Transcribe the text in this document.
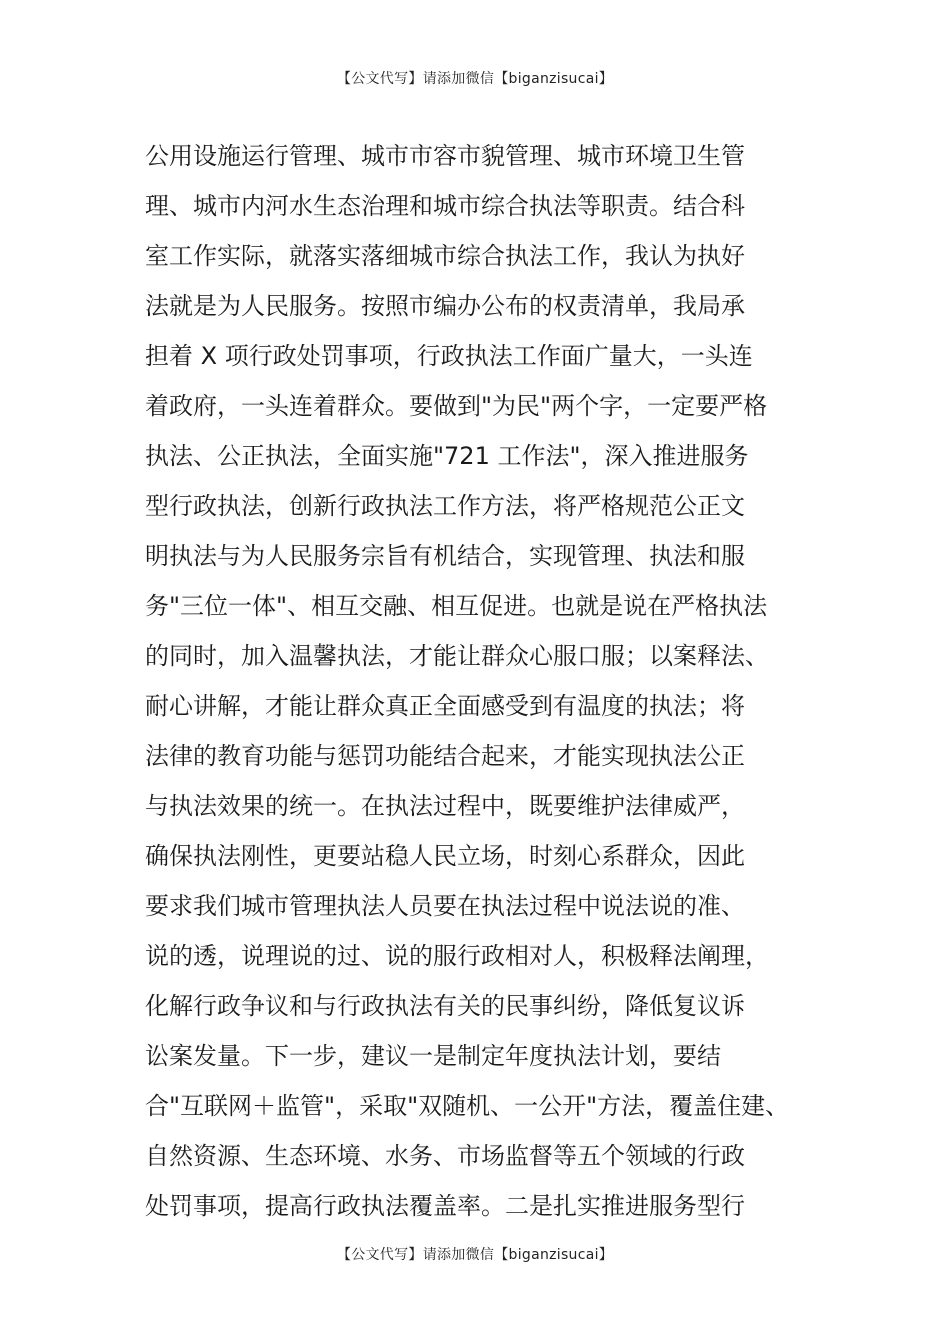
【公文代写】请添加微信【biganzisucai】
公用设施运行管理、城市市容市貌管理、城市环境卫生管
理、城市内河水生态治理和城市综合执法等职责。结合科
室工作实际，就落实落细城市综合执法工作，我认为执好
法就是为人民服务。按照市编办公布的权责清单，我局承
担着 X 项行政处罚事项，行政执法工作面广量大，一头连
着政府，一头连着群众。要做到"为民"两个字，一定要严格
执法、公正执法，全面实施"721 工作法"，深入推进服务
型行政执法，创新行政执法工作方法，将严格规范公正文
明执法与为人民服务宗旨有机结合，实现管理、执法和服
务"三位一体"、相互交融、相互促进。也就是说在严格执法
的同时，加入温馨执法，才能让群众心服口服；以案释法、
耐心讲解，才能让群众真正全面感受到有温度的执法；将
法律的教育功能与惩罚功能结合起来，才能实现执法公正
与执法效果的统一。在执法过程中，既要维护法律威严，
确保执法刚性，更要站稳人民立场，时刻心系群众，因此
要求我们城市管理执法人员要在执法过程中说法说的准、
说的透，说理说的过、说的服行政相对人，积极释法阐理，
化解行政争议和与行政执法有关的民事纠纷，降低复议诉
讼案发量。下一步，建议一是制定年度执法计划，要结
合"互联网＋监管"，采取"双随机、一公开"方法，覆盖住建、
自然资源、生态环境、水务、市场监督等五个领域的行政
处罚事项，提高行政执法覆盖率。二是扎实推进服务型行
【公文代写】请添加微信【biganzisucai】
